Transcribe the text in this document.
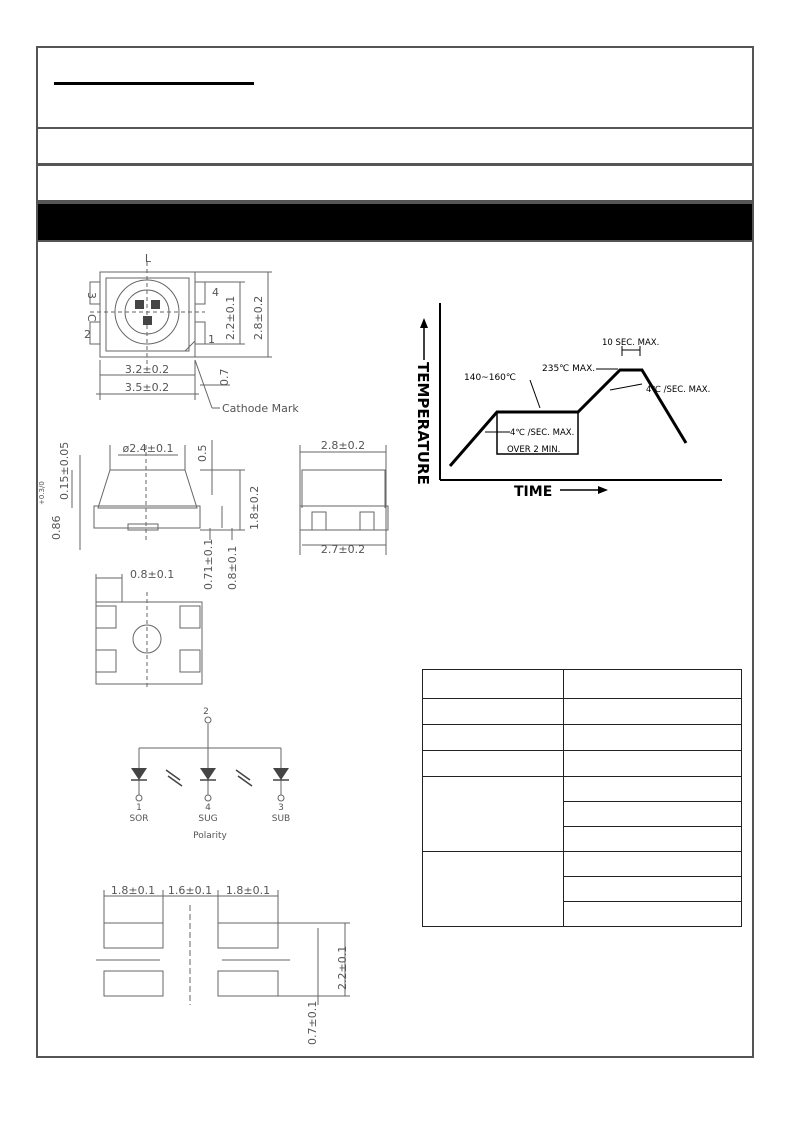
L
4
1
3
2
C
3.2±0.2
3.5±0.2
2.2±0.1 2.8±0.2
0.7
Cathode Mark
ø2.4±0.1 0.5
0.15±0.05
0.86
+0.3/0	1.8±0.2
0.71±0.1 0.8±0.1
2.8±0.2
2.7±0.2
0.8±0.1
2
1
SOR
4
SUG
3
SUB
Polarity
1.8±0.1 1.6±0.1 1.8±0.1
2.2±0.1
0.7±0.1
TEMPERATURE
TIME
140~160℃
4℃ /SEC. MAX.
OVER 2 MIN.
235℃ MAX.
10 SEC. MAX.
4℃ /SEC. MAX.
